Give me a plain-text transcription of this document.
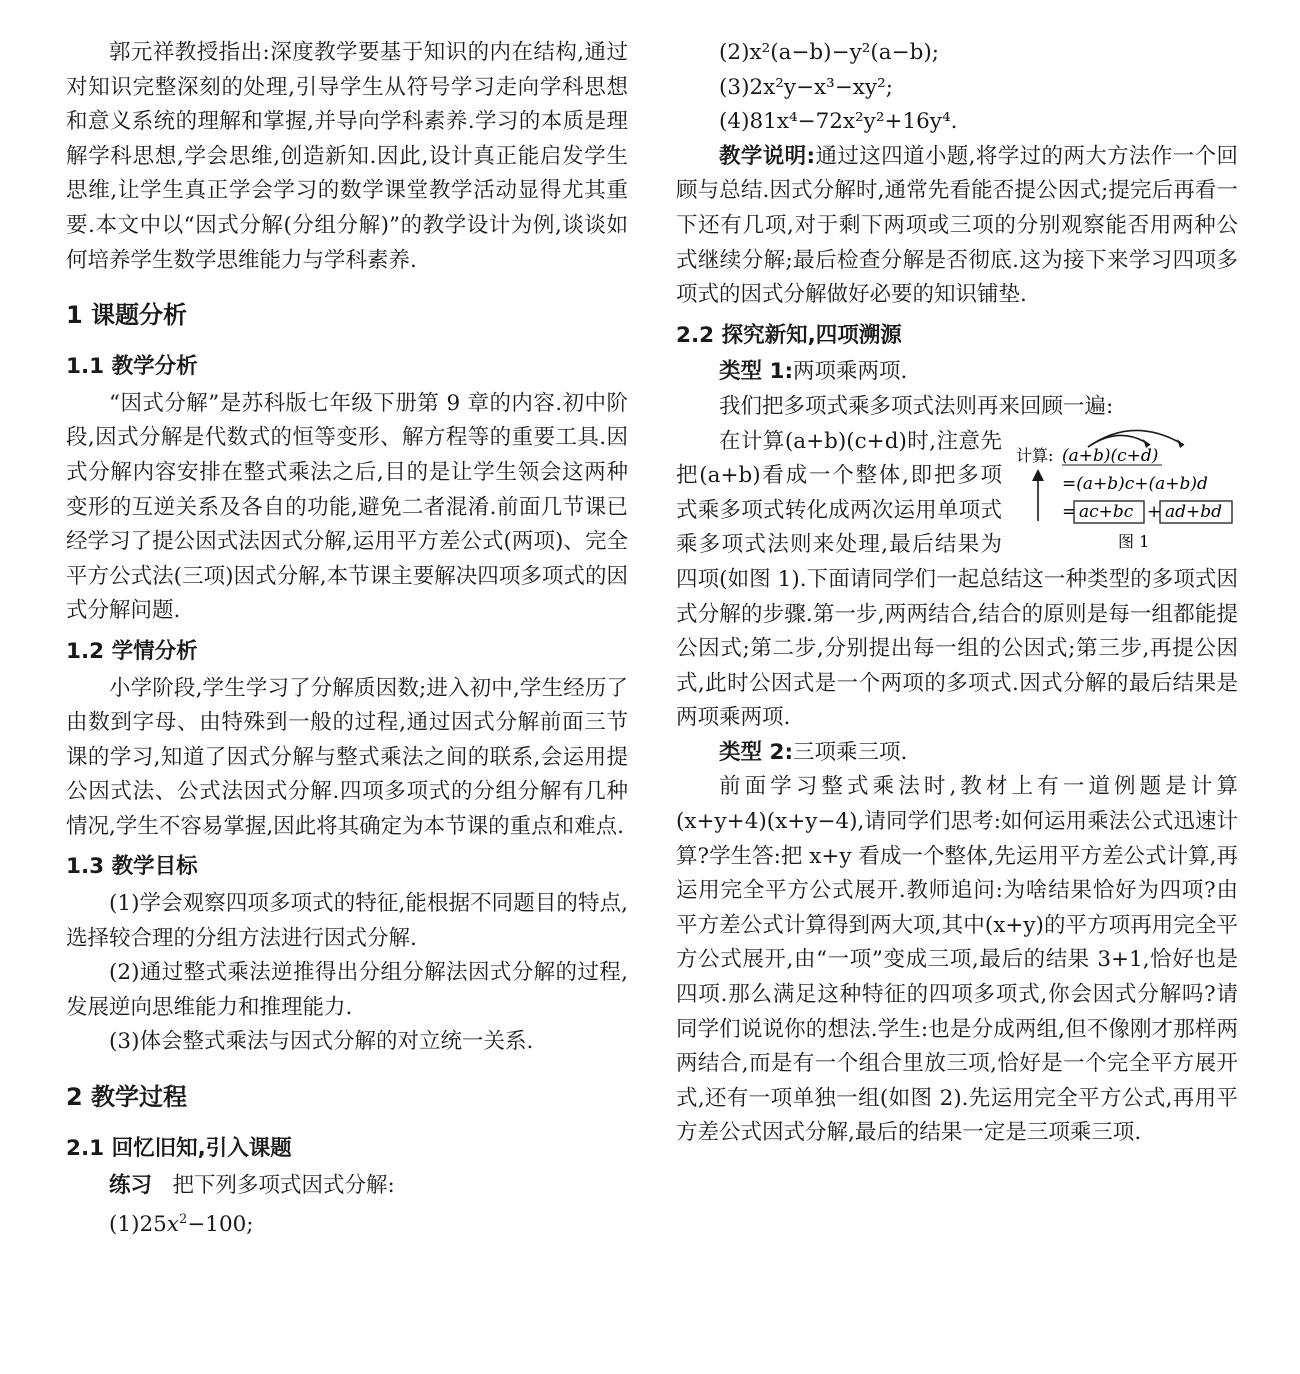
郭元祥教授指出:深度教学要基于知识的内在结构,通过对知识完整深刻的处理,引导学生从符号学习走向学科思想和意义系统的理解和掌握,并导向学科素养.学习的本质是理解学科思想,学会思维,创造新知.因此,设计真正能启发学生思维,让学生真正学会学习的数学课堂教学活动显得尤其重要.本文中以“因式分解(分组分解)”的教学设计为例,谈谈如何培养学生数学思维能力与学科素养.

1 课题分析
1.1 教学分析

“因式分解”是苏科版七年级下册第 9 章的内容.初中阶段,因式分解是代数式的恒等变形、解方程等的重要工具.因式分解内容安排在整式乘法之后,目的是让学生领会这两种变形的互逆关系及各自的功能,避免二者混淆.前面几节课已经学习了提公因式法因式分解,运用平方差公式(两项)、完全平方公式法(三项)因式分解,本节课主要解决四项多项式的因式分解问题.

1.2 学情分析

小学阶段,学生学习了分解质因数;进入初中,学生经历了由数到字母、由特殊到一般的过程,通过因式分解前面三节课的学习,知道了因式分解与整式乘法之间的联系,会运用提公因式法、公式法因式分解.四项多项式的分组分解有几种情况,学生不容易掌握,因此将其确定为本节课的重点和难点.

1.3 教学目标

(1)学会观察四项多项式的特征,能根据不同题目的特点,选择较合理的分组方法进行因式分解.

(2)通过整式乘法逆推得出分组分解法因式分解的过程,发展逆向思维能力和推理能力.

(3)体会整式乘法与因式分解的对立统一关系.

2 教学过程
2.1 回忆旧知,引入课题

练习 把下列多项式因式分解:

$(1)25x^2-100$;

(2)x²(a−b)−y²(a−b);

(3)2x²y−x³−xy²;

(4)81x⁴−72x²y²+16y⁴.

教学说明:通过这四道小题,将学过的两大方法作一个回顾与总结.因式分解时,通常先看能否提公因式;提完后再看一下还有几项,对于剩下两项或三项的分别观察能否用两种公式继续分解;最后检查分解是否彻底.这为接下来学习四项多项式的因式分解做好必要的知识铺垫.

2.2 探究新知,四项溯源

类型 1:两项乘两项.

我们把多项式乘多项式法则再来回顾一遍:

计算: (a+b)(c+d)
=(a+b)c+(a+b)d
= ac+bc + ad+bd
图 1

在计算(a+b)(c+d)时,注意先把(a+b)看成一个整体,即把多项式乘多项式转化成两次运用单项式乘多项式法则来处理,最后结果为四项(如图 1).下面请同学们一起总结这一种类型的多项式因式分解的步骤.第一步,两两结合,结合的原则是每一组都能提公因式;第二步,分别提出每一组的公因式;第三步,再提公因式,此时公因式是一个两项的多项式.因式分解的最后结果是两项乘两项.

类型 2:三项乘三项.

前面学习整式乘法时,教材上有一道例题是计算(x+y+4)(x+y−4),请同学们思考:如何运用乘法公式迅速计算?学生答:把 x+y 看成一个整体,先运用平方差公式计算,再运用完全平方公式展开.教师追问:为啥结果恰好为四项?由平方差公式计算得到两大项,其中(x+y)的平方项再用完全平方公式展开,由“一项”变成三项,最后的结果 3+1,恰好也是四项.那么满足这种特征的四项多项式,你会因式分解吗?请同学们说说你的想法.学生:也是分成两组,但不像刚才那样两两结合,而是有一个组合里放三项,恰好是一个完全平方展开式,还有一项单独一组(如图 2).先运用完全平方公式,再用平方差公式因式分解,最后的结果一定是三项乘三项.
